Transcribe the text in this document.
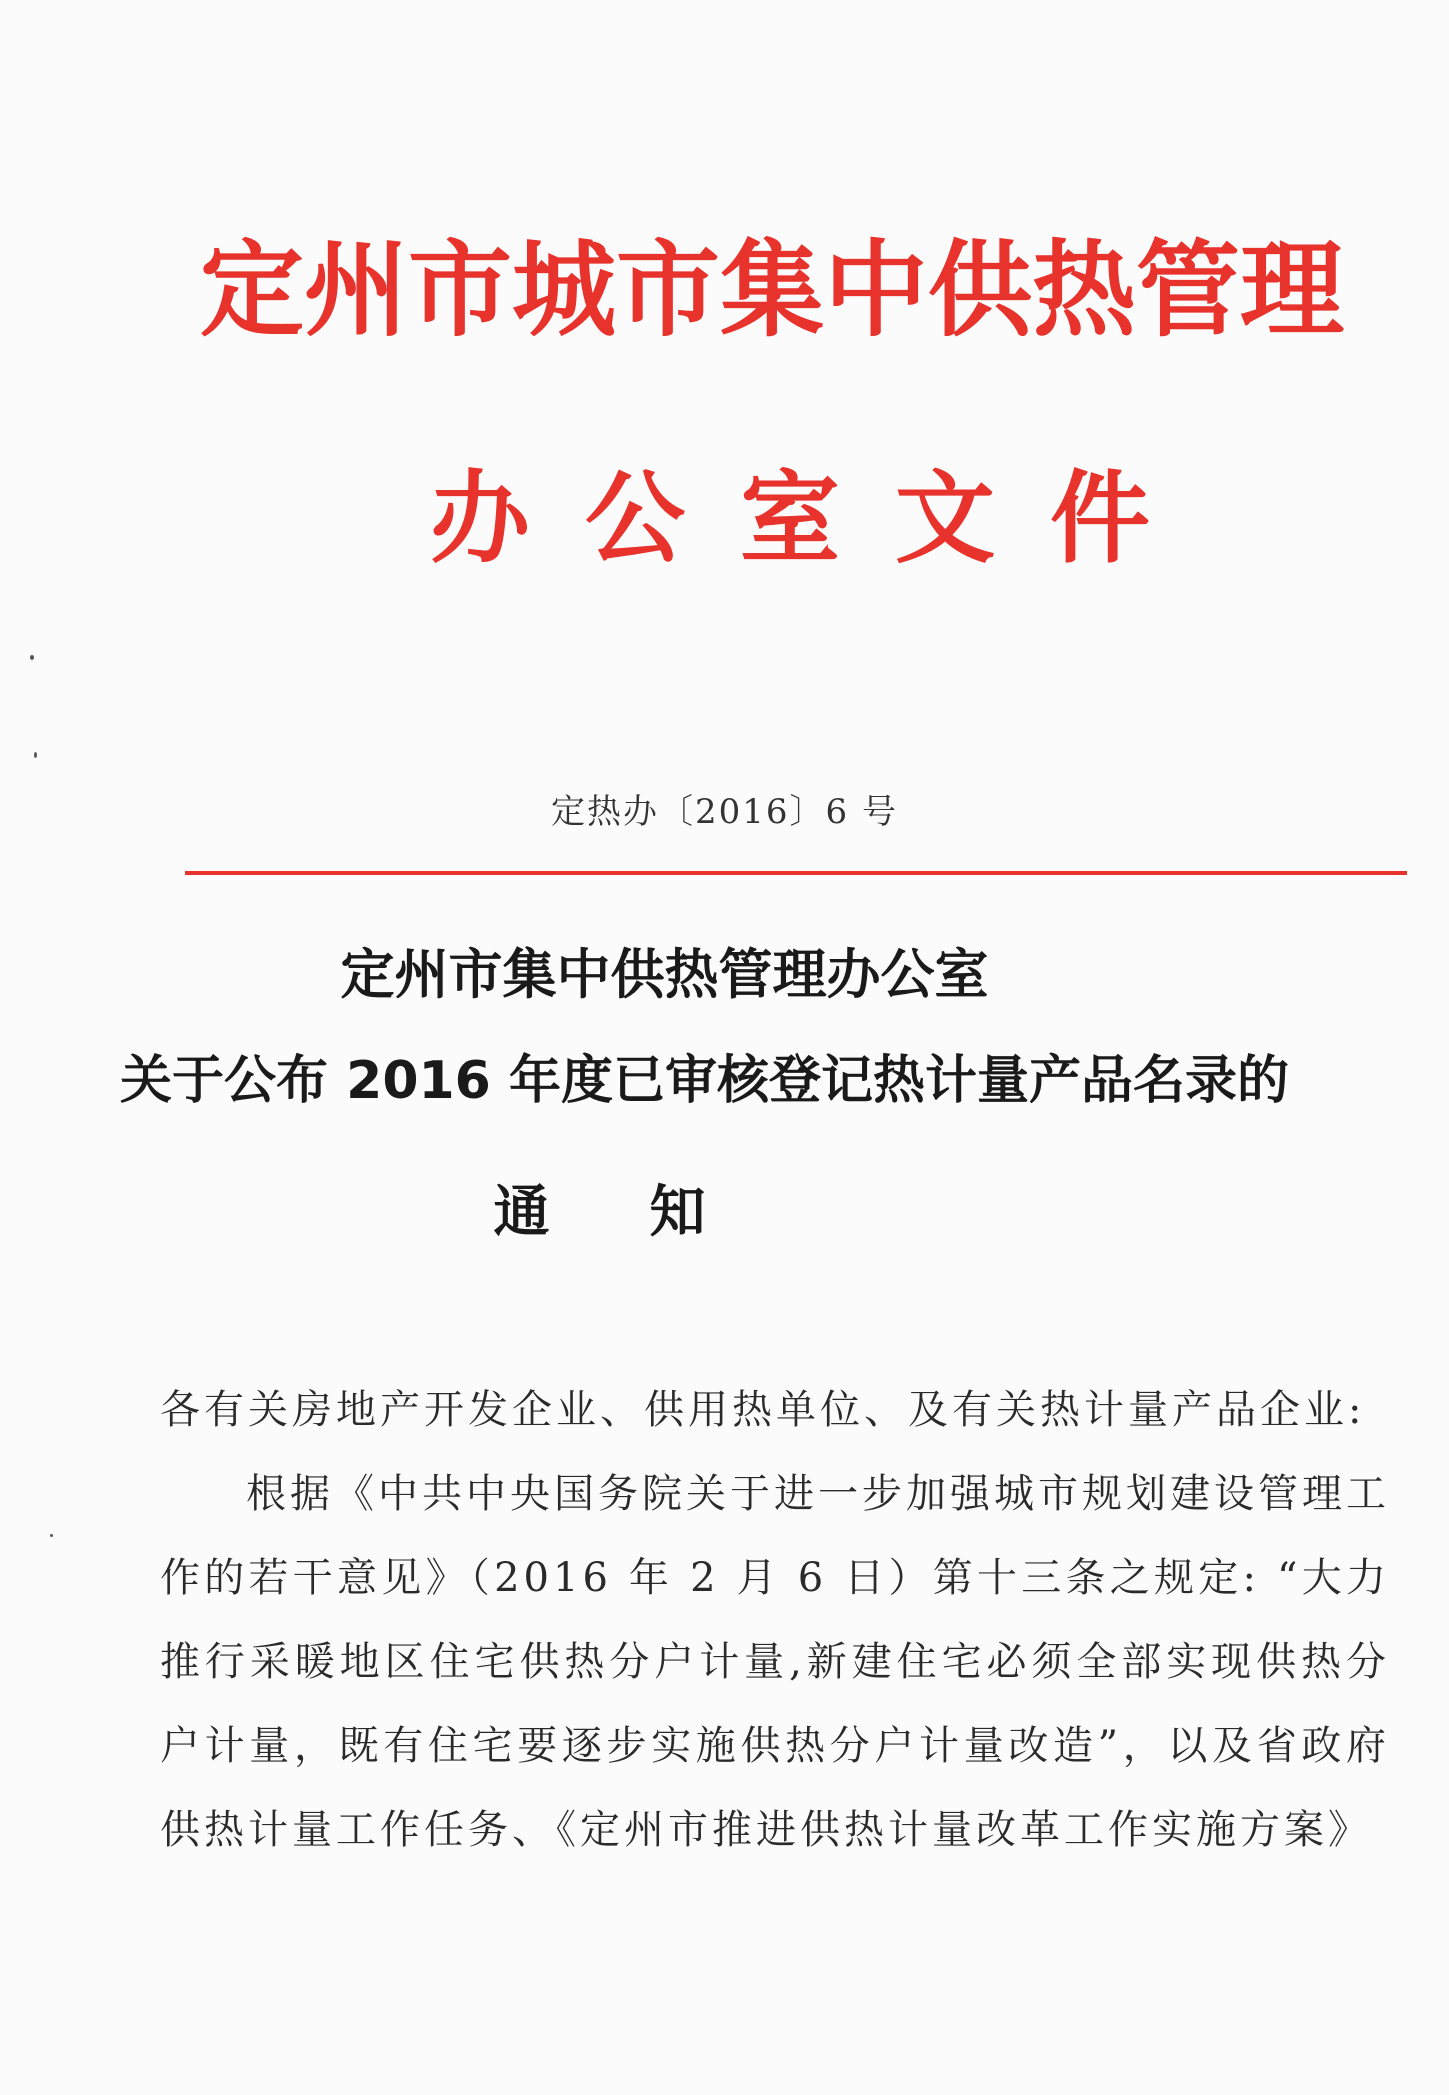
定州市城市集中供热管理
办公室文件
定热办〔2016〕6 号
定州市集中供热管理办公室
关于公布 2016 年度已审核登记热计量产品名录的
通知

各有关房地产开发企业、供用热单位、及有关热计量产品企业:

根据《中共中央国务院关于进一步加强城市规划建设管理工作的若干意见》（2016 年 2 月 6 日）第十三条之规定: “大力推行采暖地区住宅供热分户计量,新建住宅必须全部实现供热分户计量，既有住宅要逐步实施供热分户计量改造”，以及省政府供热计量工作任务、《定州市推进供热计量改革工作实施方案》
